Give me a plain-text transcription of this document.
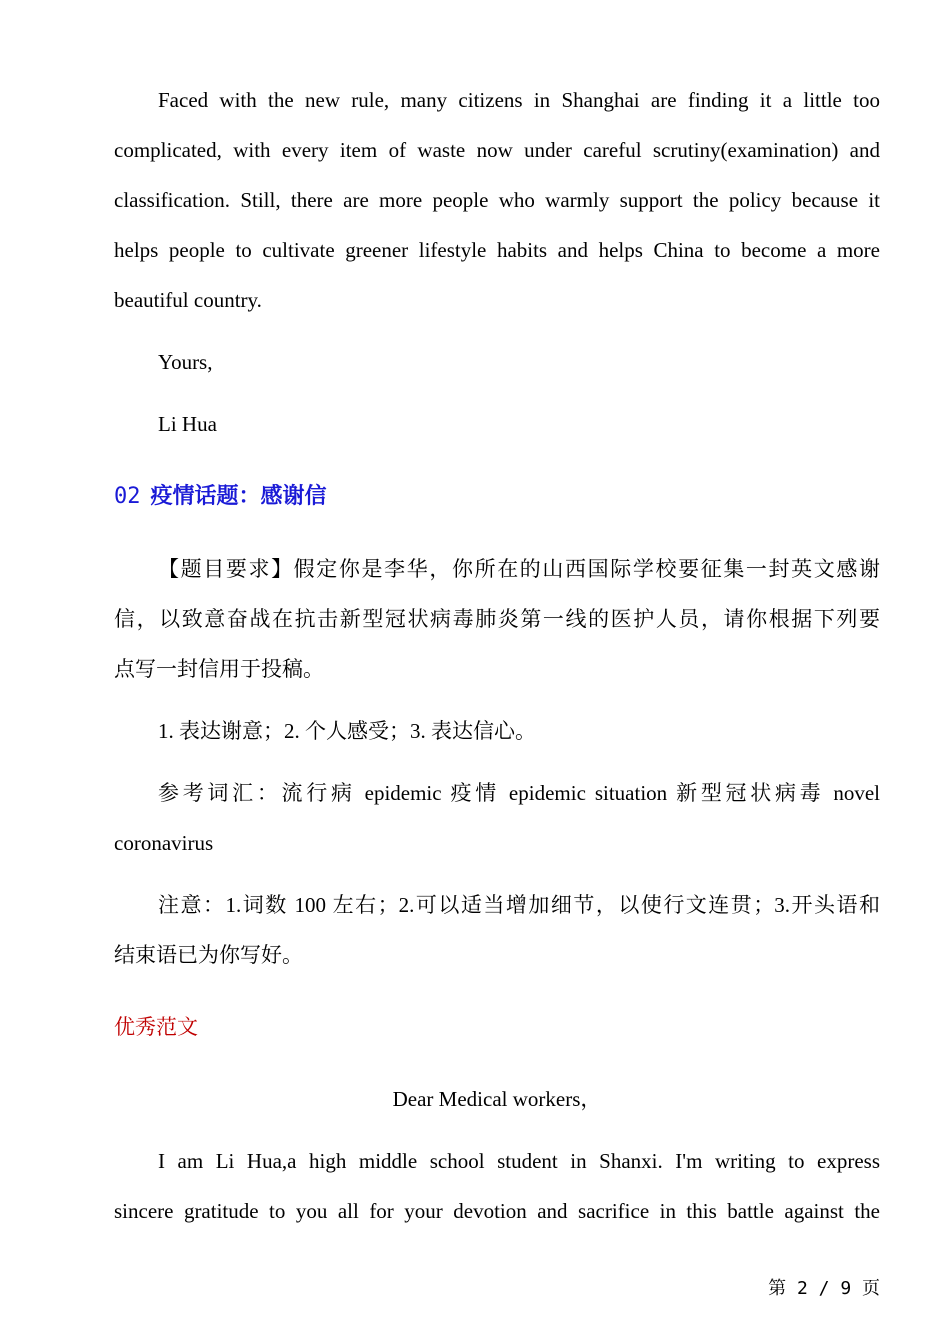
Faced with the new rule, many citizens in Shanghai are finding it a little too
complicated, with every item of waste now under careful scrutiny(examination) and
classification. Still, there are more people who warmly support the policy because it
helps people to cultivate greener lifestyle habits and helps China to become a more
beautiful country.
Yours,
Li Hua
02 疫情话题：感谢信
【题目要求】假定你是李华，你所在的山西国际学校要征集一封英文感谢
信，以致意奋战在抗击新型冠状病毒肺炎第一线的医护人员，请你根据下列要
点写一封信用于投稿。
1. 表达谢意；2. 个人感受；3. 表达信心。
参考词汇：流行病 epidemic 疫情 epidemic situation 新型冠状病毒 novel
coronavirus
注意：1.词数 100 左右；2.可以适当增加细节，以使行文连贯；3.开头语和
结束语已为你写好。
优秀范文
Dear Medical workers，
I am Li Hua,a high middle school student in Shanxi. I'm writing to express
sincere gratitude to you all for your devotion and sacrifice in this battle against the
第 2 / 9 页
